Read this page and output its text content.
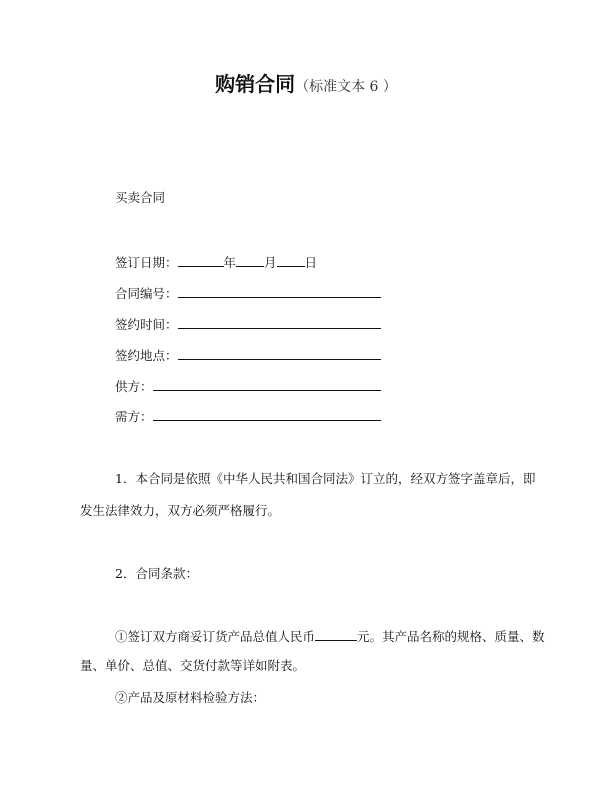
购销合同（标准文本 6 ）
买卖合同
签订日期：	年 月 日
合同编号：
签约时间：
签约地点：
供方：
需方：
1．本合同是依照《中华人民共和国合同法》订立的，经双方签字盖章后，即
发生法律效力，双方必须严格履行。
2．合同条款：
①签订双方商妥订货产品总值人民币	元。其产品名称的规格、质量、数
量、单价、总值、交货付款等详如附表。
②产品及原材料检验方法：
